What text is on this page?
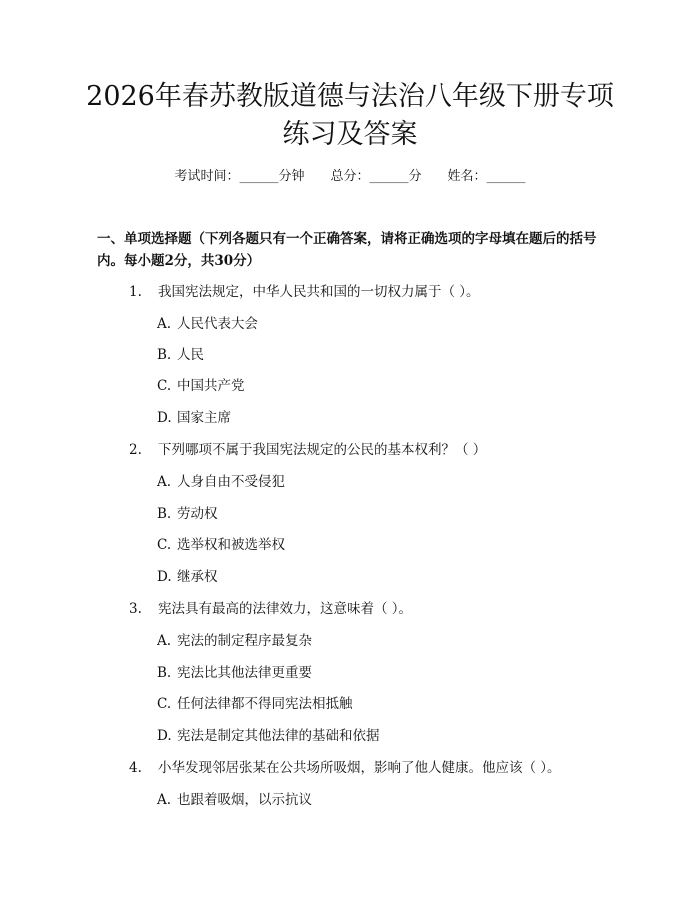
2026年春苏教版道德与法治八年级下册专项
练习及答案
考试时间：______分钟 总分：______分 姓名：______
一、单项选择题（下列各题只有一个正确答案，请将正确选项的字母填在题后的括号内。每小题2分，共30分）
1. 我国宪法规定，中华人民共和国的一切权力属于（ ）。
A. 人民代表大会
B. 人民
C. 中国共产党
D. 国家主席
2. 下列哪项不属于我国宪法规定的公民的基本权利？（ ）
A. 人身自由不受侵犯
B. 劳动权
C. 选举权和被选举权
D. 继承权
3. 宪法具有最高的法律效力，这意味着（ ）。
A. 宪法的制定程序最复杂
B. 宪法比其他法律更重要
C. 任何法律都不得同宪法相抵触
D. 宪法是制定其他法律的基础和依据
4. 小华发现邻居张某在公共场所吸烟，影响了他人健康。他应该（ ）。
A. 也跟着吸烟，以示抗议
